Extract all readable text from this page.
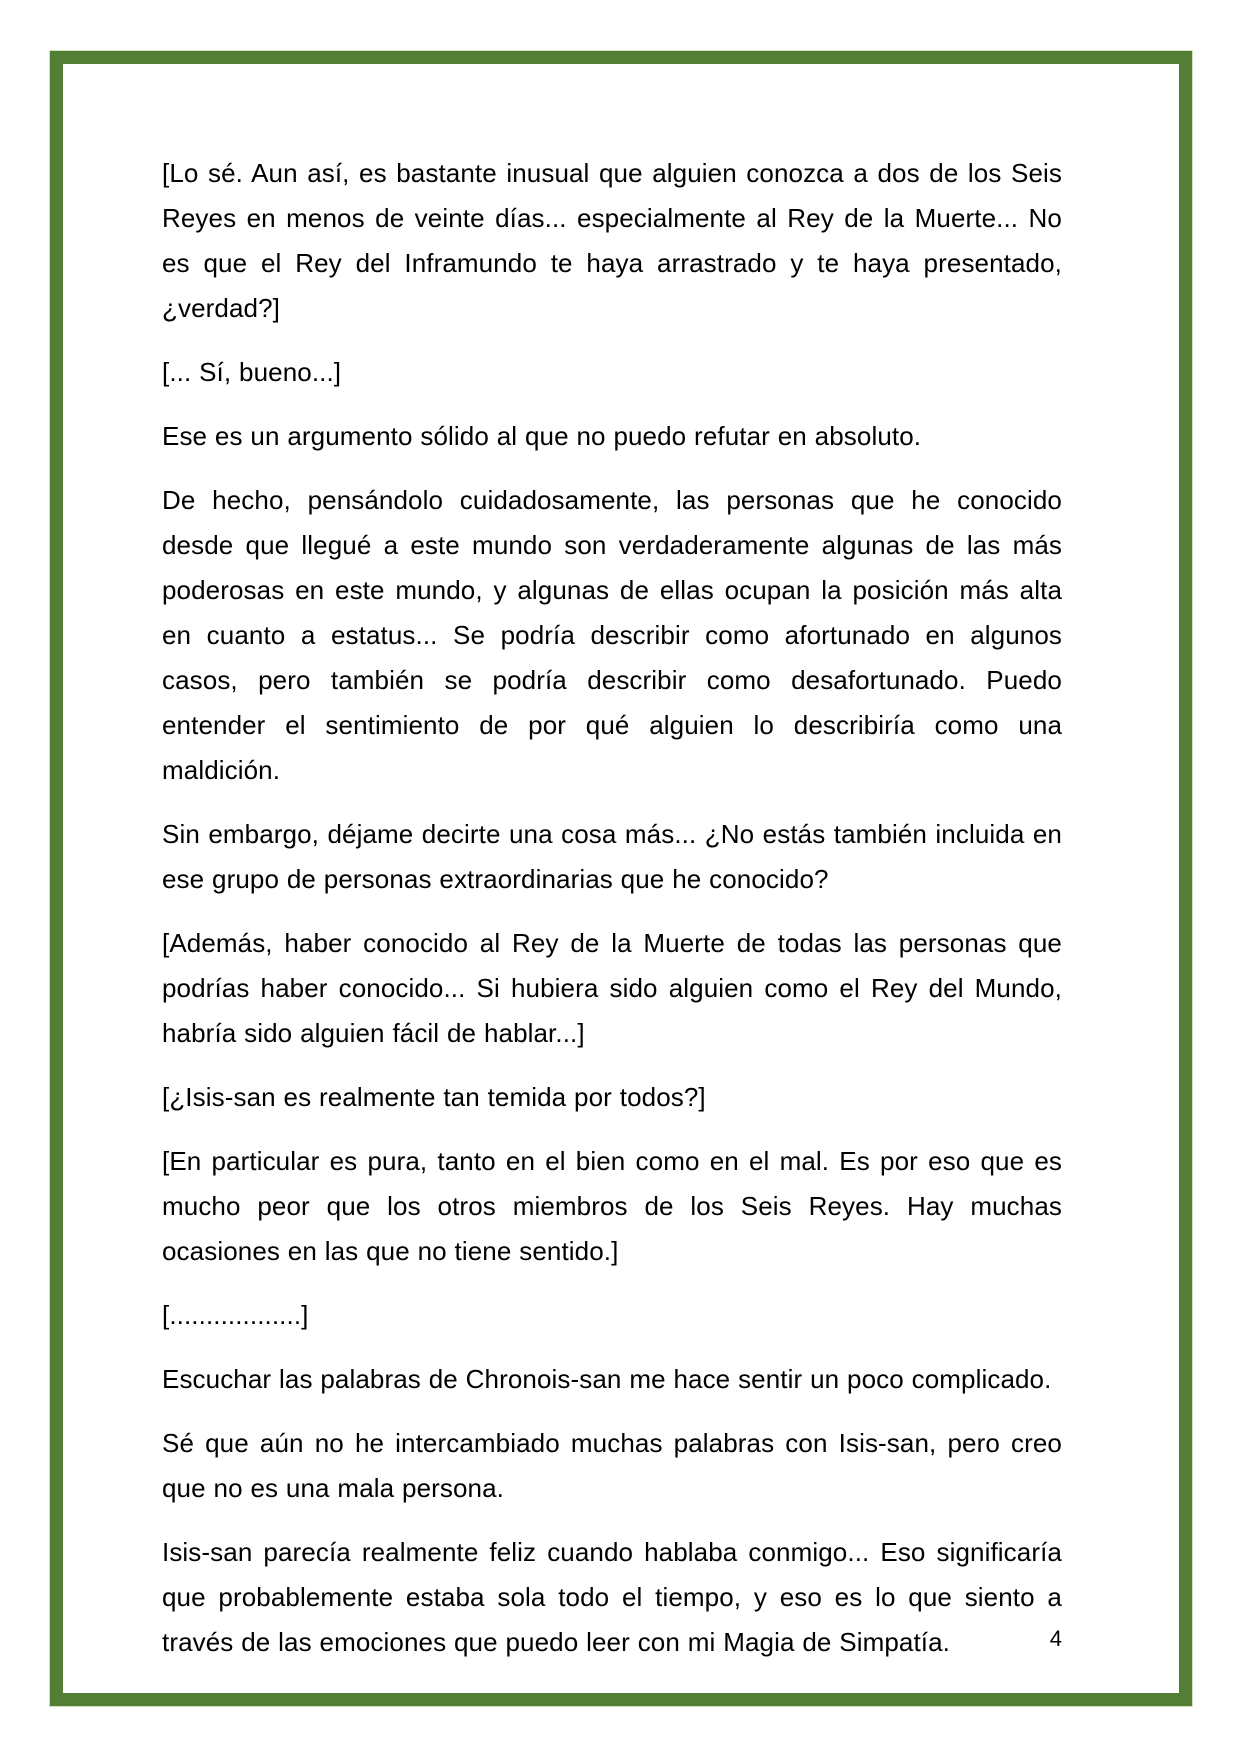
[Lo sé. Aun así, es bastante inusual que alguien conozca a dos de los Seis Reyes en menos de veinte días... especialmente al Rey de la Muerte... No es que el Rey del Inframundo te haya arrastrado y te haya presentado, ¿verdad?]

[... Sí, bueno...]

Ese es un argumento sólido al que no puedo refutar en absoluto.

De hecho, pensándolo cuidadosamente, las personas que he conocido desde que llegué a este mundo son verdaderamente algunas de las más poderosas en este mundo, y algunas de ellas ocupan la posición más alta en cuanto a estatus... Se podría describir como afortunado en algunos casos, pero también se podría describir como desafortunado. Puedo entender el sentimiento de por qué alguien lo describiría como una maldición.

Sin embargo, déjame decirte una cosa más... ¿No estás también incluida en ese grupo de personas extraordinarias que he conocido?

[Además, haber conocido al Rey de la Muerte de todas las personas que podrías haber conocido... Si hubiera sido alguien como el Rey del Mundo, habría sido alguien fácil de hablar...]

[¿Isis-san es realmente tan temida por todos?]

[En particular es pura, tanto en el bien como en el mal. Es por eso que es mucho peor que los otros miembros de los Seis Reyes. Hay muchas ocasiones en las que no tiene sentido.]

[..................]

Escuchar las palabras de Chronois-san me hace sentir un poco complicado.

Sé que aún no he intercambiado muchas palabras con Isis-san, pero creo que no es una mala persona.

Isis-san parecía realmente feliz cuando hablaba conmigo... Eso significaría que probablemente estaba sola todo el tiempo, y eso es lo que siento a través de las emociones que puedo leer con mi Magia de Simpatía.	4
